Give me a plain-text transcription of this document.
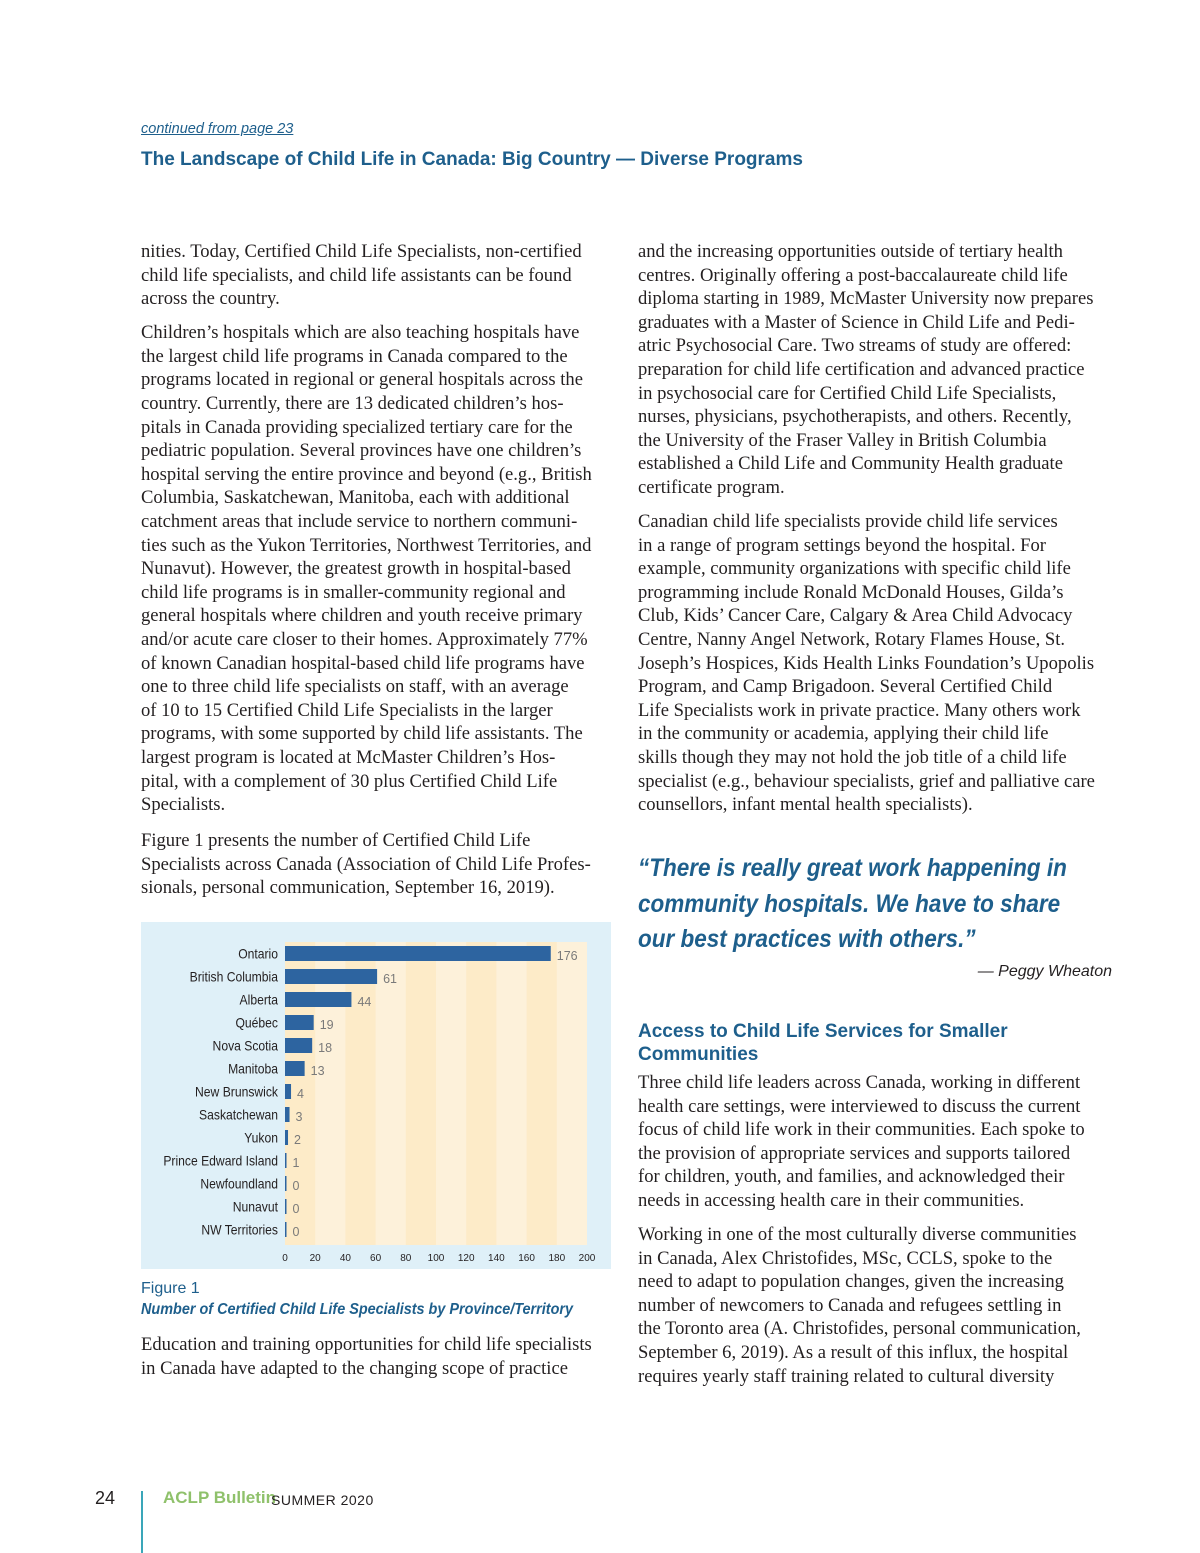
continued from page 23
The Landscape of Child Life in Canada: Big Country — Diverse Programs

nities. Today, Certified Child Life Specialists, non-certified
child life specialists, and child life assistants can be found
across the country.

Children’s hospitals which are also teaching hospitals have
the largest child life programs in Canada compared to the
programs located in regional or general hospitals across the
country. Currently, there are 13 dedicated children’s hos-
pitals in Canada providing specialized tertiary care for the
pediatric population. Several provinces have one children’s
hospital serving the entire province and beyond (e.g., British
Columbia, Saskatchewan, Manitoba, each with additional
catchment areas that include service to northern communi-
ties such as the Yukon Territories, Northwest Territories, and
Nunavut). However, the greatest growth in hospital-based
child life programs is in smaller-community regional and
general hospitals where children and youth receive primary
and/or acute care closer to their homes. Approximately 77%
of known Canadian hospital-based child life programs have
one to three child life specialists on staff, with an average
of 10 to 15 Certified Child Life Specialists in the larger
programs, with some supported by child life assistants. The
largest program is located at McMaster Children’s Hos-
pital, with a complement of 30 plus Certified Child Life
Specialists.

Figure 1 presents the number of Certified Child Life
Specialists across Canada (Association of Child Life Profes-
sionals, personal communication, September 16, 2019).

Ontario	176
British Columbia	61
Alberta	44
Québec	19
Nova Scotia	18
Manitoba	13
New Brunswick 4
Saskatchewan 3
Yukon 2
Prince Edward Island 1
Newfoundland 0
Nunavut 0
NW Territories 0
0 20 40 60 80 100 120 140 160 180 200
Figure 1
Number of Certified Child Life Specialists by Province/Territory

Education and training opportunities for child life specialists
in Canada have adapted to the changing scope of practice

and the increasing opportunities outside of tertiary health
centres. Originally offering a post-baccalaureate child life
diploma starting in 1989, McMaster University now prepares
graduates with a Master of Science in Child Life and Pedi-
atric Psychosocial Care. Two streams of study are offered:
preparation for child life certification and advanced practice
in psychosocial care for Certified Child Life Specialists,
nurses, physicians, psychotherapists, and others. Recently,
the University of the Fraser Valley in British Columbia
established a Child Life and Community Health graduate
certificate program.

Canadian child life specialists provide child life services
in a range of program settings beyond the hospital. For
example, community organizations with specific child life
programming include Ronald McDonald Houses, Gilda’s
Club, Kids’ Cancer Care, Calgary & Area Child Advocacy
Centre, Nanny Angel Network, Rotary Flames House, St.
Joseph’s Hospices, Kids Health Links Foundation’s Upopolis
Program, and Camp Brigadoon. Several Certified Child
Life Specialists work in private practice. Many others work
in the community or academia, applying their child life
skills though they may not hold the job title of a child life
specialist (e.g., behaviour specialists, grief and palliative care
counsellors, infant mental health specialists).

“There is really great work happening in
community hospitals. We have to share
our best practices with others.”
— Peggy Wheaton
Access to Child Life Services for Smaller
Communities

Three child life leaders across Canada, working in different
health care settings, were interviewed to discuss the current
focus of child life work in their communities. Each spoke to
the provision of appropriate services and supports tailored
for children, youth, and families, and acknowledged their
needs in accessing health care in their communities.

Working in one of the most culturally diverse communities
in Canada, Alex Christofides, MSc, CCLS, spoke to the
need to adapt to population changes, given the increasing
number of newcomers to Canada and refugees settling in
the Toronto area (A. Christofides, personal communication,
September 6, 2019). As a result of this influx, the hospital
requires yearly staff training related to cultural diversity

24	ACLP Bulletin
SUMMER 2020
